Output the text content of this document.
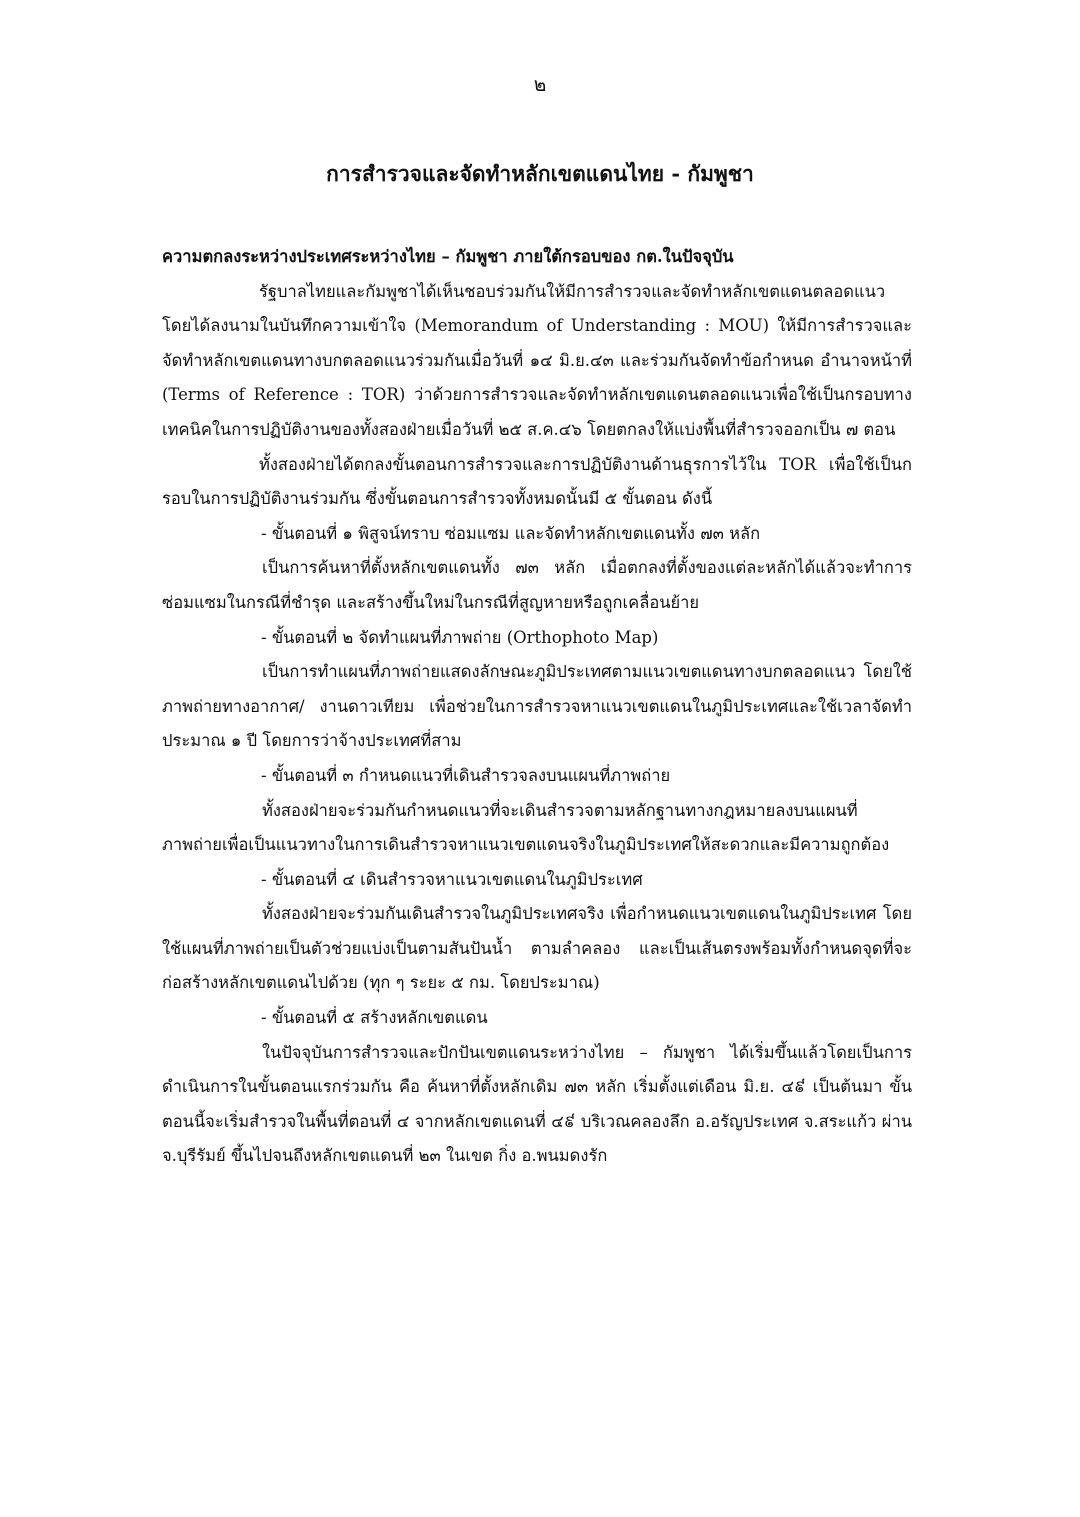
๒
การสำรวจและจัดทำหลักเขตแดนไทย - กัมพูชา

ความตกลงระหว่างประเทศระหว่างไทย – กัมพูชา ภายใต้กรอบของ กต.ในปัจจุบัน

รัฐบาลไทยและกัมพูชาได้เห็นชอบร่วมกันให้มีการสำรวจและจัดทำหลักเขตแดนตลอดแนว โดยได้ลงนามในบันทึกความเข้าใจ (Memorandum of Understanding : MOU) ให้มีการสำรวจและ จัดทำหลักเขตแดนทางบกตลอดแนวร่วมกันเมื่อวันที่ ๑๔ มิ.ย.๔๓ และร่วมกันจัดทำข้อกำหนด อำนาจหน้าที่ (Terms of Reference : TOR) ว่าด้วยการสำรวจและจัดทำหลักเขตแดนตลอดแนวเพื่อใช้เป็นกรอบทางเทคนิคในการปฏิบัติงานของทั้งสองฝ่ายเมื่อวันที่ ๒๕ ส.ค.๔๖ โดยตกลงให้แบ่งพื้นที่สำรวจออกเป็น ๗ ตอน

ทั้งสองฝ่ายได้ตกลงขั้นตอนการสำรวจและการปฏิบัติงานด้านธุรการไว้ใน TOR เพื่อใช้เป็นกรอบในการปฏิบัติงานร่วมกัน ซึ่งขั้นตอนการสำรวจทั้งหมดนั้นมี ๕ ขั้นตอน ดังนี้

- ขั้นตอนที่ ๑ พิสูจน์ทราบ ซ่อมแซม และจัดทำหลักเขตแดนทั้ง ๗๓ หลัก

เป็นการค้นหาที่ตั้งหลักเขตแดนทั้ง ๗๓ หลัก เมื่อตกลงที่ตั้งของแต่ละหลักได้แล้วจะทำการซ่อมแซมในกรณีที่ชำรุด และสร้างขึ้นใหม่ในกรณีที่สูญหายหรือถูกเคลื่อนย้าย

- ขั้นตอนที่ ๒ จัดทำแผนที่ภาพถ่าย (Orthophoto Map)

เป็นการทำแผนที่ภาพถ่ายแสดงลักษณะภูมิประเทศตามแนวเขตแดนทางบกตลอดแนว โดยใช้ภาพถ่ายทางอากาศ/ งานดาวเทียม เพื่อช่วยในการสำรวจหาแนวเขตแดนในภูมิประเทศและใช้เวลาจัดทำประมาณ ๑ ปี โดยการว่าจ้างประเทศที่สาม

- ขั้นตอนที่ ๓ กำหนดแนวที่เดินสำรวจลงบนแผนที่ภาพถ่าย

ทั้งสองฝ่ายจะร่วมกันกำหนดแนวที่จะเดินสำรวจตามหลักฐานทางกฎหมายลงบนแผนที่ภาพถ่ายเพื่อเป็นแนวทางในการเดินสำรวจหาแนวเขตแดนจริงในภูมิประเทศให้สะดวกและมีความถูกต้อง

- ขั้นตอนที่ ๔ เดินสำรวจหาแนวเขตแดนในภูมิประเทศ

ทั้งสองฝ่ายจะร่วมกันเดินสำรวจในภูมิประเทศจริง เพื่อกำหนดแนวเขตแดนในภูมิประเทศ โดยใช้แผนที่ภาพถ่ายเป็นตัวช่วยแบ่งเป็นตามสันปันน้ำ ตามลำคลอง และเป็นเส้นตรงพร้อมทั้งกำหนดจุดที่จะก่อสร้างหลักเขตแดนไปด้วย (ทุก ๆ ระยะ ๕ กม. โดยประมาณ)

- ขั้นตอนที่ ๕ สร้างหลักเขตแดน

ในปัจจุบันการสำรวจและปักปันเขตแดนระหว่างไทย – กัมพูชา ได้เริ่มขึ้นแล้วโดยเป็นการดำเนินการในขั้นตอนแรกร่วมกัน คือ ค้นหาที่ตั้งหลักเดิม ๗๓ หลัก เริ่มตั้งแต่เดือน มิ.ย. ๔៩ เป็นต้นมา ขั้นตอนนี้จะเริ่มสำรวจในพื้นที่ตอนที่ ๔ จากหลักเขตแดนที่ ๔៩ บริเวณคลองลึก อ.อรัญประเทศ จ.สระแก้ว ผ่าน จ.บุรีรัมย์ ขึ้นไปจนถึงหลักเขตแดนที่ ๒๓ ในเขต กิ่ง อ.พนมดงรัก
